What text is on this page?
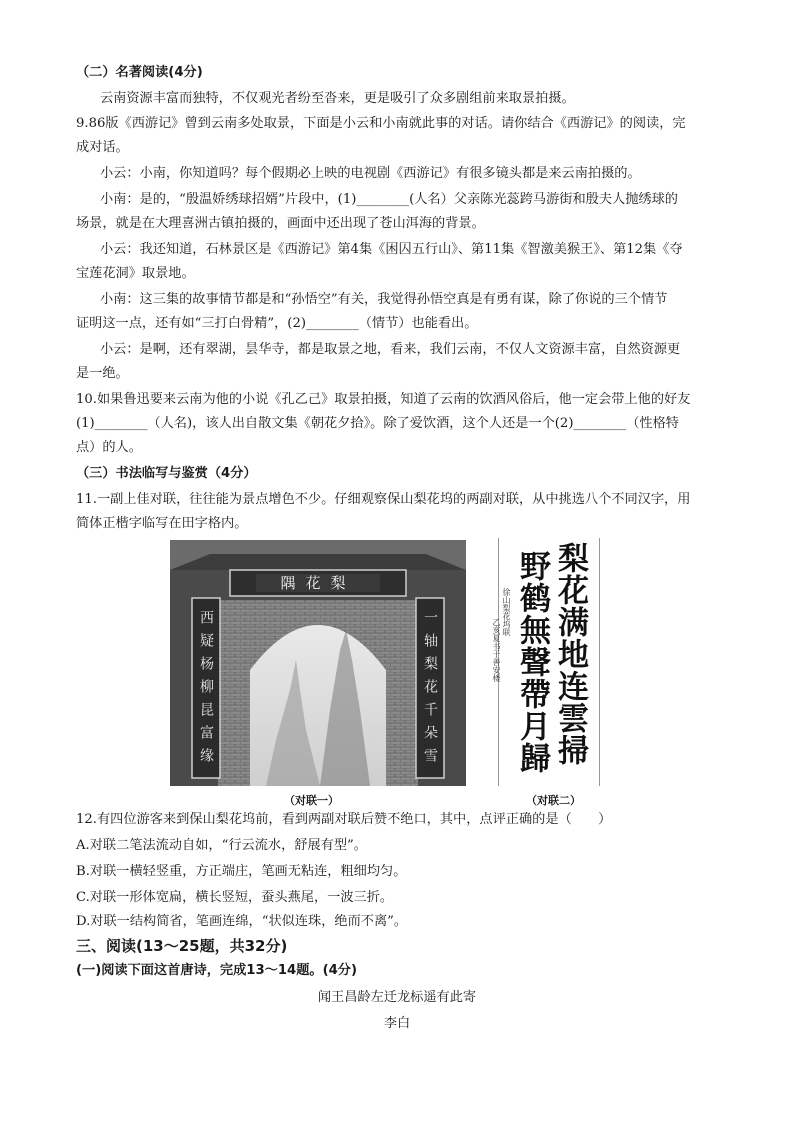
（二）名著阅读(4分)
云南资源丰富而独特，不仅观光者纷至沓来，更是吸引了众多剧组前来取景拍摄。
9.86版《西游记》曾到云南多处取景，下面是小云和小南就此事的对话。请你结合《西游记》的阅读，完
成对话。
小云：小南，你知道吗？每个假期必上映的电视剧《西游记》有很多镜头都是来云南拍摄的。
小南：是的，“殷温娇绣球招婿”片段中，(1)________(人名）父亲陈光蕊跨马游街和殷夫人抛绣球的
场景，就是在大理喜洲古镇拍摄的，画面中还出现了苍山洱海的背景。
小云：我还知道，石林景区是《西游记》第4集《困囚五行山》、第11集《智激美猴王》、第12集《夺
宝莲花洞》取景地。
小南：这三集的故事情节都是和“孙悟空”有关，我觉得孙悟空真是有勇有谋，除了你说的三个情节
证明这一点，还有如“三打白骨精”，(2)________（情节）也能看出。
小云：是啊，还有翠湖，昙华寺，都是取景之地，看来，我们云南，不仅人文资源丰富，自然资源更
是一绝。
10.如果鲁迅要来云南为他的小说《孔乙己》取景拍摄，知道了云南的饮酒风俗后，他一定会带上他的好友
(1)________（人名)，该人出自散文集《朝花夕拾》。除了爱饮酒，这个人还是一个(2)________（性格特
点）的人。
（三）书法临写与鉴赏（4分）
11.一副上佳对联，往往能为景点增色不少。仔细观察保山梨花坞的两副对联，从中挑选八个不同汉字，用
简体正楷字临写在田字格内。
隅花梨
西疑杨柳昆富缘	一轴梨花千朵雪
（对联一）
梨花满地连雲掃
野鹤無聲帶月歸
徐山梨花坞联
乙亥夏书于善安楼
（对联二）
12.有四位游客来到保山梨花坞前，看到两副对联后赞不绝口，其中，点评正确的是（　　）
A.对联二笔法流动自如，“行云流水，舒展有型”。
B.对联一横轻竖重，方正端庄，笔画无粘连，粗细均匀。
C.对联一形体宽扁，横长竖短，蚕头燕尾，一波三折。
D.对联一结构简省，笔画连绵，“状似连珠，绝而不离”。
三、阅读(13～25题，共32分)
(一)阅读下面这首唐诗，完成13～14题。(4分)
闻王昌龄左迁龙标遥有此寄
李白
